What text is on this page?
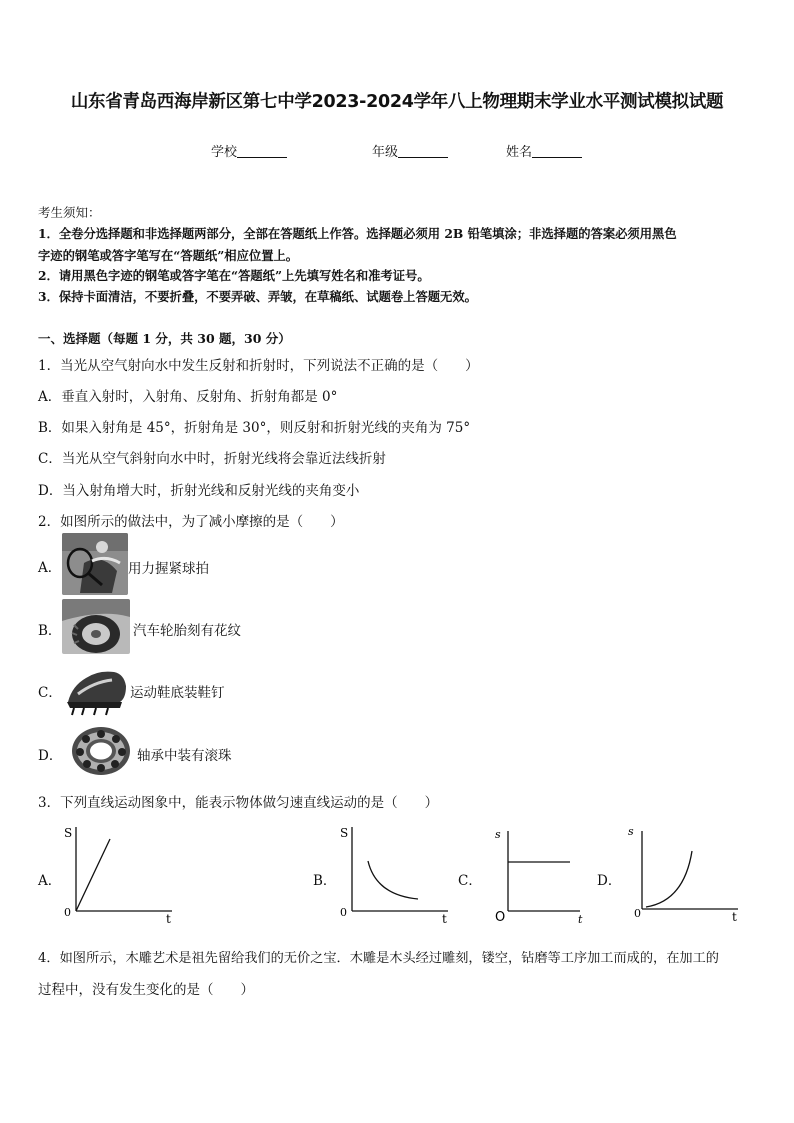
山东省青岛西海岸新区第七中学2023-2024学年八上物理期末学业水平测试模拟试题
学校	年级	姓名
考生须知：
1．全卷分选择题和非选择题两部分，全部在答题纸上作答。选择题必须用 2B 铅笔填涂；非选择题的答案必须用黑色
字迹的钢笔或答字笔写在“答题纸”相应位置上。
2．请用黑色字迹的钢笔或答字笔在“答题纸”上先填写姓名和准考证号。
3．保持卡面清洁，不要折叠，不要弄破、弄皱，在草稿纸、试题卷上答题无效。
一、选择题（每题 1 分，共 30 题，30 分）
1．当光从空气射向水中发生反射和折射时，下列说法不正确的是（　　）
A．垂直入射时，入射角、反射角、折射角都是 0°
B．如果入射角是 45°，折射角是 30°，则反射和折射光线的夹角为 75°
C．当光从空气斜射向水中时，折射光线将会靠近法线折射
D．当入射角增大时，折射光线和反射光线的夹角变小
2．如图所示的做法中，为了减小摩擦的是（　　）
A．	用力握紧球拍
B．	汽车轮胎刻有花纹
C．	运动鞋底装鞋钉
D．	轴承中装有滚珠
3．下列直线运动图象中，能表示物体做匀速直线运动的是（　　）
A．
S
0	t
B．
S
0	t
C．
s
O	t
D．
s
0	t
4．如图所示，木雕艺术是祖先留给我们的无价之宝．木雕是木头经过雕刻，镂空，钻磨等工序加工而成的，在加工的
过程中，没有发生变化的是（　　）
